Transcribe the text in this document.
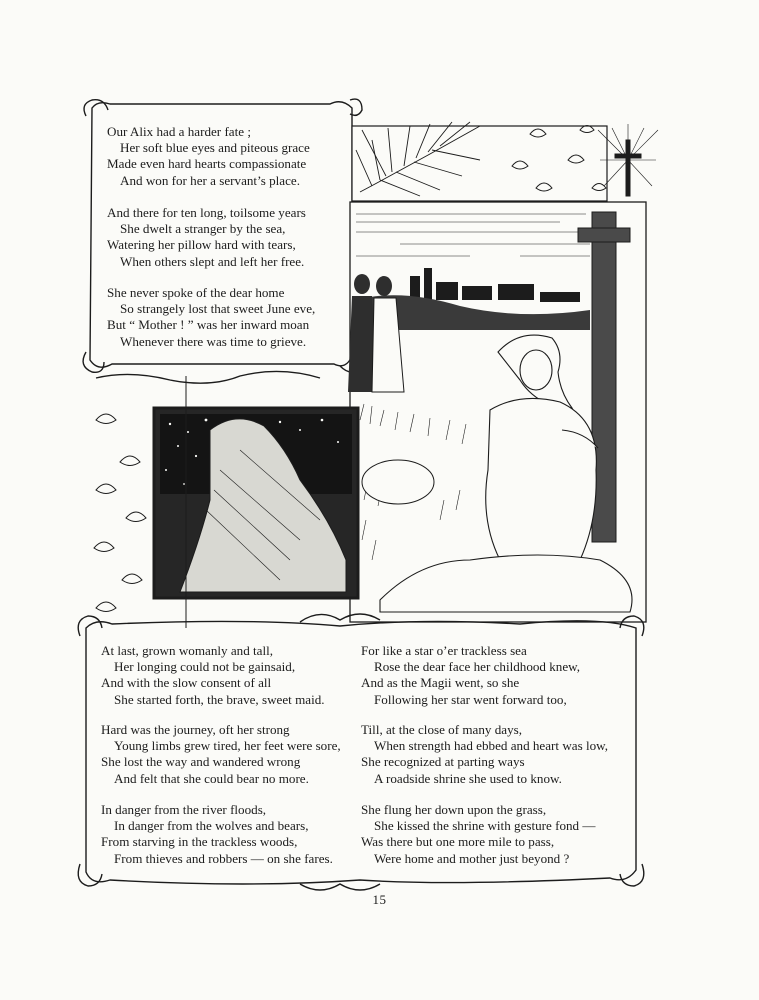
Our Alix had a harder fate ;
Her soft blue eyes and piteous grace
Made even hard hearts compassionate
And won for her a servant’s place.
And there for ten long, toilsome years
She dwelt a stranger by the sea,
Watering her pillow hard with tears,
When others slept and left her free.
She never spoke of the dear home
So strangely lost that sweet June eve,
But “ Mother ! ” was her inward moan
Whenever there was time to grieve.
At last, grown womanly and tall,
Her longing could not be gainsaid,
And with the slow consent of all
She started forth, the brave, sweet maid.
Hard was the journey, oft her strong
Young limbs grew tired, her feet were sore,
She lost the way and wandered wrong
And felt that she could bear no more.
In danger from the river floods,
In danger from the wolves and bears,
From starving in the trackless woods,
From thieves and robbers — on she fares.
For like a star o’er trackless sea
Rose the dear face her childhood knew,
And as the Magii went, so she
Following her star went forward too,
Till, at the close of many days,
When strength had ebbed and heart was low,
She recognized at parting ways
A roadside shrine she used to know.
She flung her down upon the grass,
She kissed the shrine with gesture fond —
Was there but one more mile to pass,
Were home and mother just beyond ?
15
